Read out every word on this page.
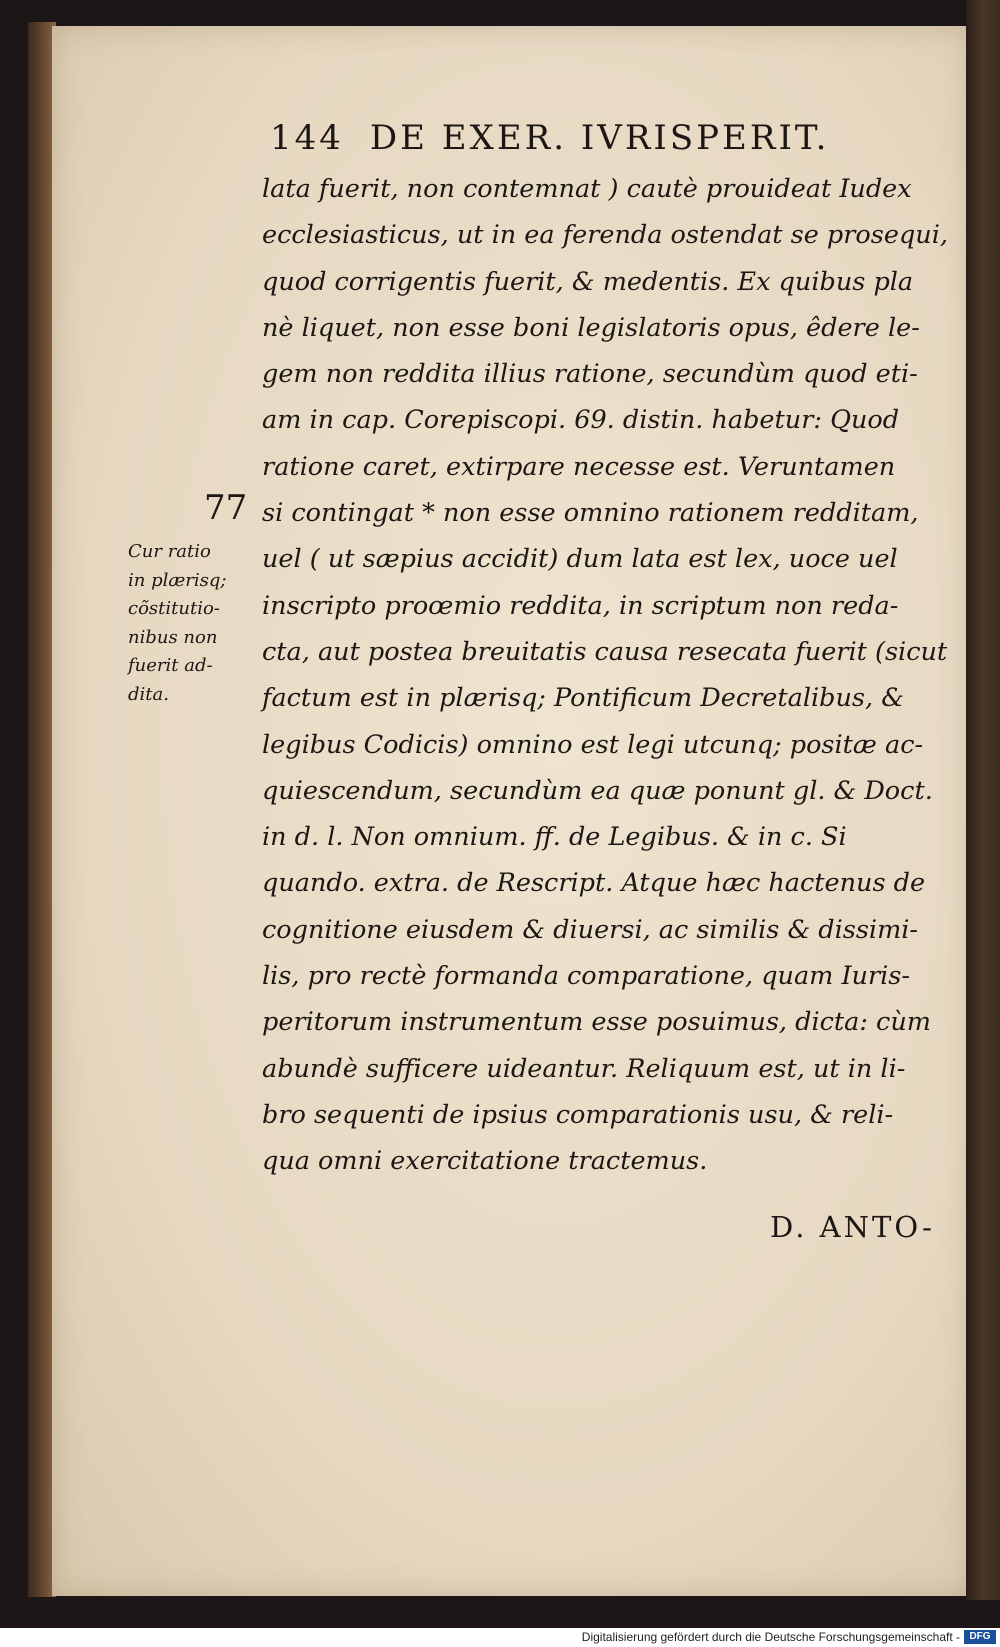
144 DE EXER. IVRISPERIT.
77
Cur ratio
in plærisq;
cõstitutio-
nibus non
fuerit ad-
dita.
lata fuerit, non contemnat ) cautè prouideat Iudex
ecclesiasticus, ut in ea ferenda ostendat se prosequi,
quod corrigentis fuerit, & medentis. Ex quibus pla
nè liquet, non esse boni legislatoris opus, êdere le-
gem non reddita illius ratione, secundùm quod eti-
am in cap. Corepiscopi. 69. distin. habetur: Quod
ratione caret, extirpare necesse est. Veruntamen
si contingat * non esse omnino rationem redditam,
uel ( ut sæpius accidit) dum lata est lex, uoce uel
inscripto proœmio reddita, in scriptum non reda-
cta, aut postea breuitatis causa resecata fuerit (sicut
factum est in plærisq; Pontificum Decretalibus, &
legibus Codicis) omnino est legi utcunq; positæ ac-
quiescendum, secundùm ea quæ ponunt gl. & Doct.
in d. l. Non omnium. ff. de Legibus. & in c. Si
quando. extra. de Rescript. Atque hæc hactenus de
cognitione eiusdem & diuersi, ac similis & dissimi-
lis, pro rectè formanda comparatione, quam Iuris-
peritorum instrumentum esse posuimus, dicta: cùm
abundè sufficere uideantur. Reliquum est, ut in li-
bro sequenti de ipsius comparationis usu, & reli-
qua omni exercitatione tractemus.
D. ANTO-
Digitalisierung gefördert durch die Deutsche Forschungsgemeinschaft - DFG
